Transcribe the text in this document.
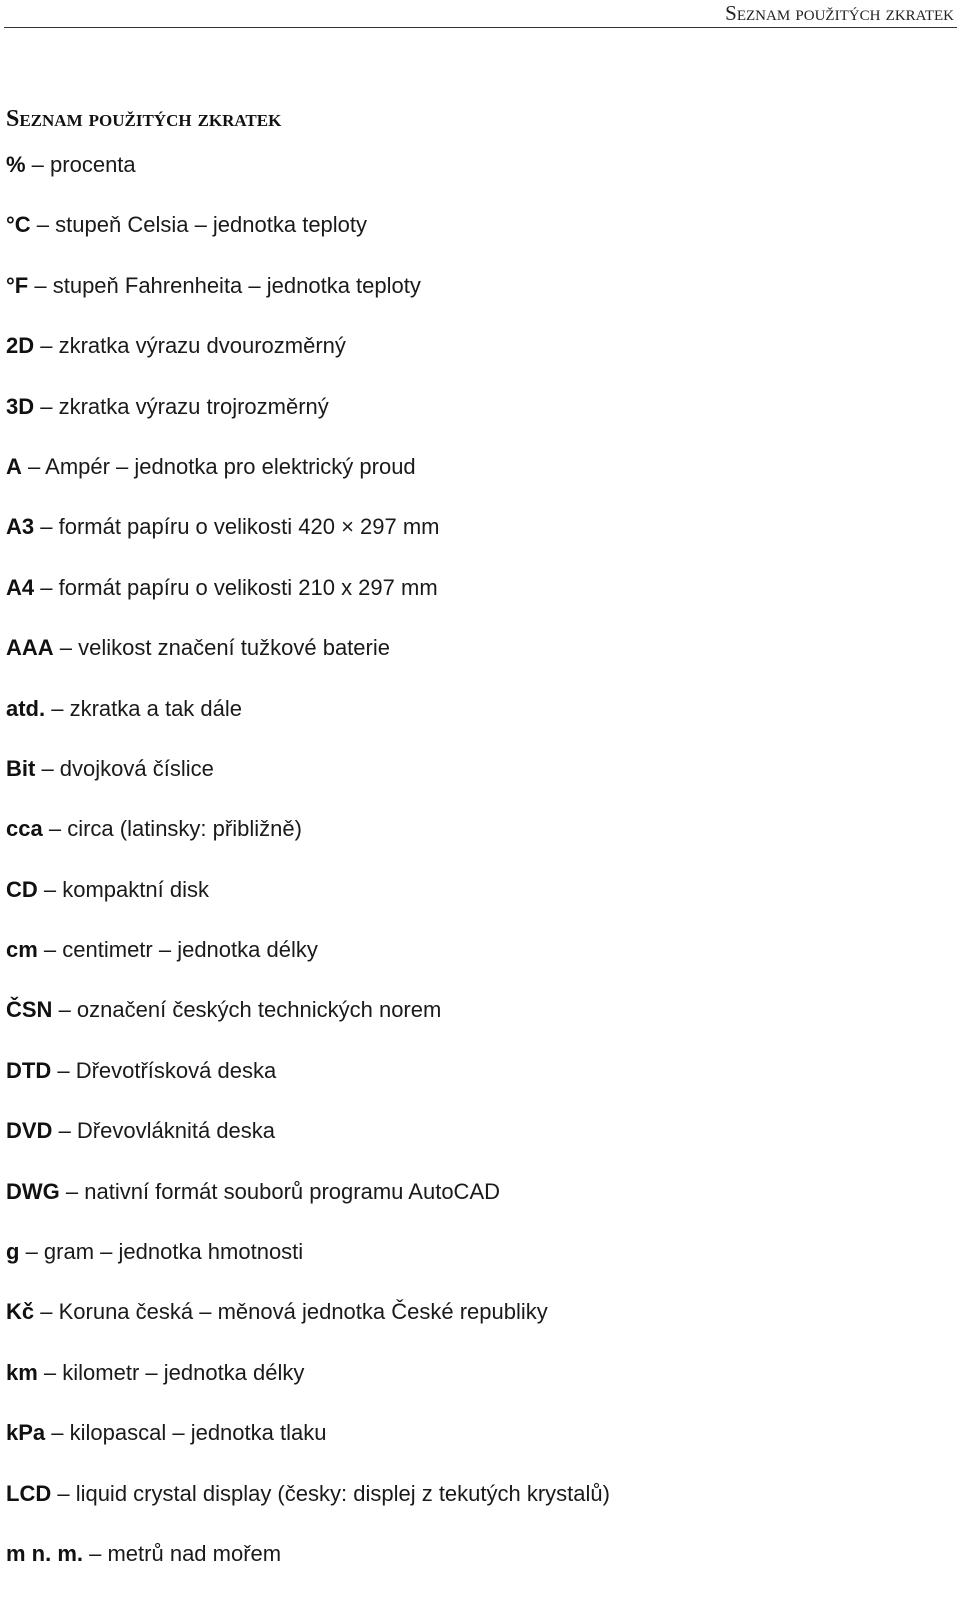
Seznam použitých zkratek
Seznam použitých zkratek
% – procenta
°C – stupeň Celsia – jednotka teploty
°F – stupeň Fahrenheita – jednotka teploty
2D – zkratka výrazu dvourozměrný
3D – zkratka výrazu trojrozměrný
A – Ampér – jednotka pro elektrický proud
A3 – formát papíru o velikosti 420 × 297 mm
A4 – formát papíru o velikosti 210 x 297 mm
AAA – velikost značení tužkové baterie
atd. – zkratka a tak dále
Bit – dvojková číslice
cca – circa (latinsky: přibližně)
CD – kompaktní disk
cm – centimetr – jednotka délky
ČSN – označení českých technických norem
DTD – Dřevotřísková deska
DVD – Dřevovláknitá deska
DWG – nativní formát souborů programu AutoCAD
g – gram – jednotka hmotnosti
Kč – Koruna česká – měnová jednotka České republiky
km – kilometr – jednotka délky
kPa – kilopascal – jednotka tlaku
LCD – liquid crystal display (česky: displej z tekutých krystalů)
m n. m. – metrů nad mořem
